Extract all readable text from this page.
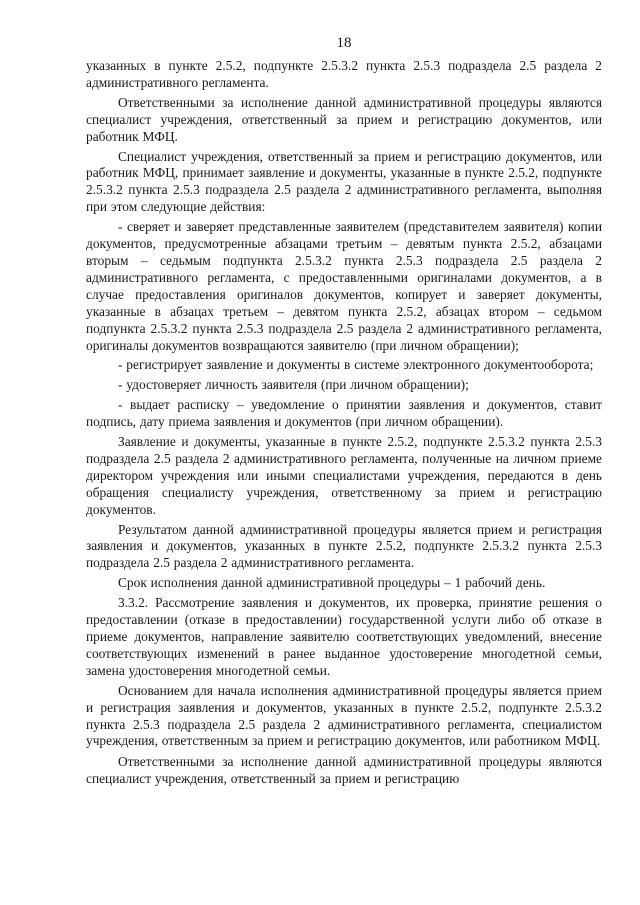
18

указанных в пункте 2.5.2, подпункте 2.5.3.2 пункта 2.5.3 подраздела 2.5 раздела 2 административного регламента.

Ответственными за исполнение данной административной процедуры являются специалист учреждения, ответственный за прием и регистрацию документов, или работник МФЦ.

Специалист учреждения, ответственный за прием и регистрацию документов, или работник МФЦ, принимает заявление и документы, указанные в пункте 2.5.2, подпункте 2.5.3.2 пункта 2.5.3 подраздела 2.5 раздела 2 административного регламента, выполняя при этом следующие действия:

- сверяет и заверяет представленные заявителем (представителем заявителя) копии документов, предусмотренные абзацами третьим – девятым пункта 2.5.2, абзацами вторым – седьмым подпункта 2.5.3.2 пункта 2.5.3 подраздела 2.5 раздела 2 административного регламента, с предоставленными оригиналами документов, а в случае предоставления оригиналов документов, копирует и заверяет документы, указанные в абзацах третьем – девятом пункта 2.5.2, абзацах втором – седьмом подпункта 2.5.3.2 пункта 2.5.3 подраздела 2.5 раздела 2 административного регламента, оригиналы документов возвращаются заявителю (при личном обращении);

- регистрирует заявление и документы в системе электронного документооборота;

- удостоверяет личность заявителя (при личном обращении);

- выдает расписку – уведомление о принятии заявления и документов, ставит подпись, дату приема заявления и документов (при личном обращении).

Заявление и документы, указанные в пункте 2.5.2, подпункте 2.5.3.2 пункта 2.5.3 подраздела 2.5 раздела 2 административного регламента, полученные на личном приеме директором учреждения или иными специалистами учреждения, передаются в день обращения специалисту учреждения, ответственному за прием и регистрацию документов.

Результатом данной административной процедуры является прием и регистрация заявления и документов, указанных в пункте 2.5.2, подпункте 2.5.3.2 пункта 2.5.3 подраздела 2.5 раздела 2 административного регламента.

Срок исполнения данной административной процедуры – 1 рабочий день.

3.3.2. Рассмотрение заявления и документов, их проверка, принятие решения о предоставлении (отказе в предоставлении) государственной услуги либо об отказе в приеме документов, направление заявителю соответствующих уведомлений, внесение соответствующих изменений в ранее выданное удостоверение многодетной семьи, замена удостоверения многодетной семьи.

Основанием для начала исполнения административной процедуры является прием и регистрация заявления и документов, указанных в пункте 2.5.2, подпункте 2.5.3.2 пункта 2.5.3 подраздела 2.5 раздела 2 административного регламента, специалистом учреждения, ответственным за прием и регистрацию документов, или работником МФЦ.

Ответственными за исполнение данной административной процедуры являются специалист учреждения, ответственный за прием и регистрацию
